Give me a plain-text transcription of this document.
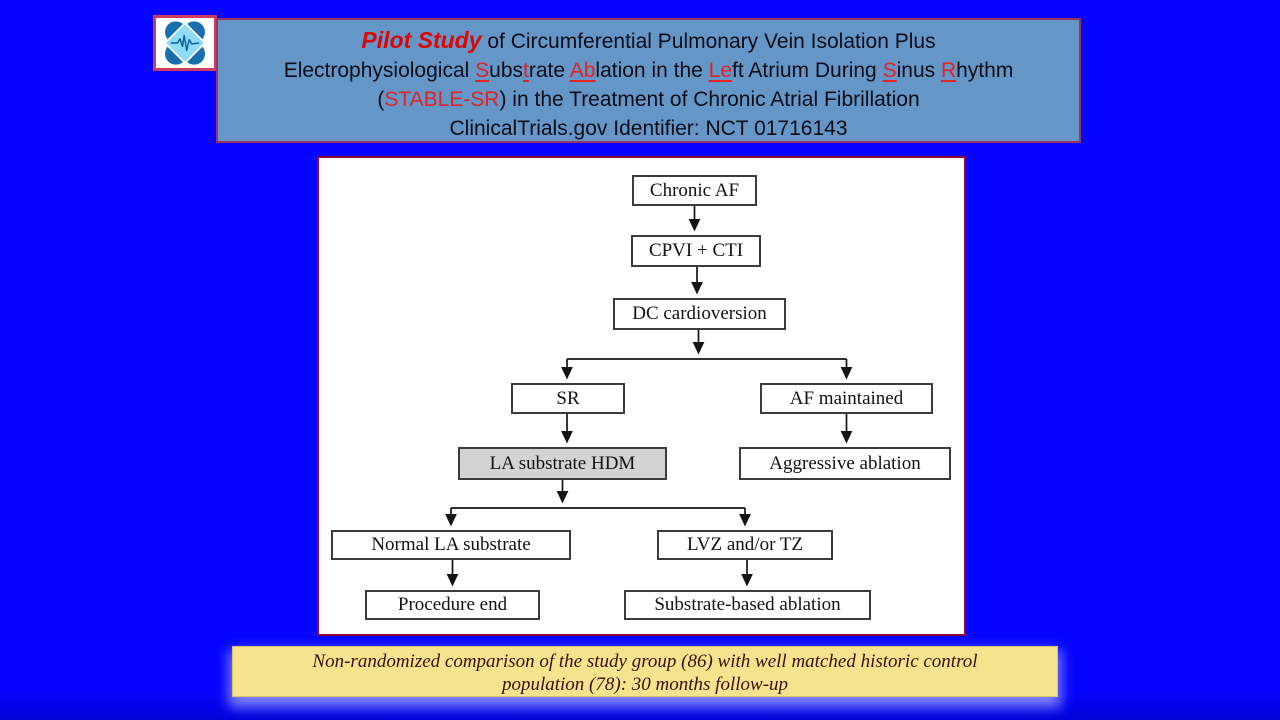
Pilot Study of Circumferential Pulmonary Vein Isolation Plus
Electrophysiological Substrate Ablation in the Left Atrium During Sinus Rhythm
(STABLE-SR) in the Treatment of Chronic Atrial Fibrillation
ClinicalTrials.gov Identifier: NCT 01716143
Chronic AF
CPVI + CTI
DC cardioversion
SR	AF maintained
LA substrate HDM	Aggressive ablation
Normal LA substrate	LVZ and/or TZ
Procedure end	Substrate-based ablation
Non-randomized comparison of the study group (86) with well matched historic control
population (78): 30 months follow-up
